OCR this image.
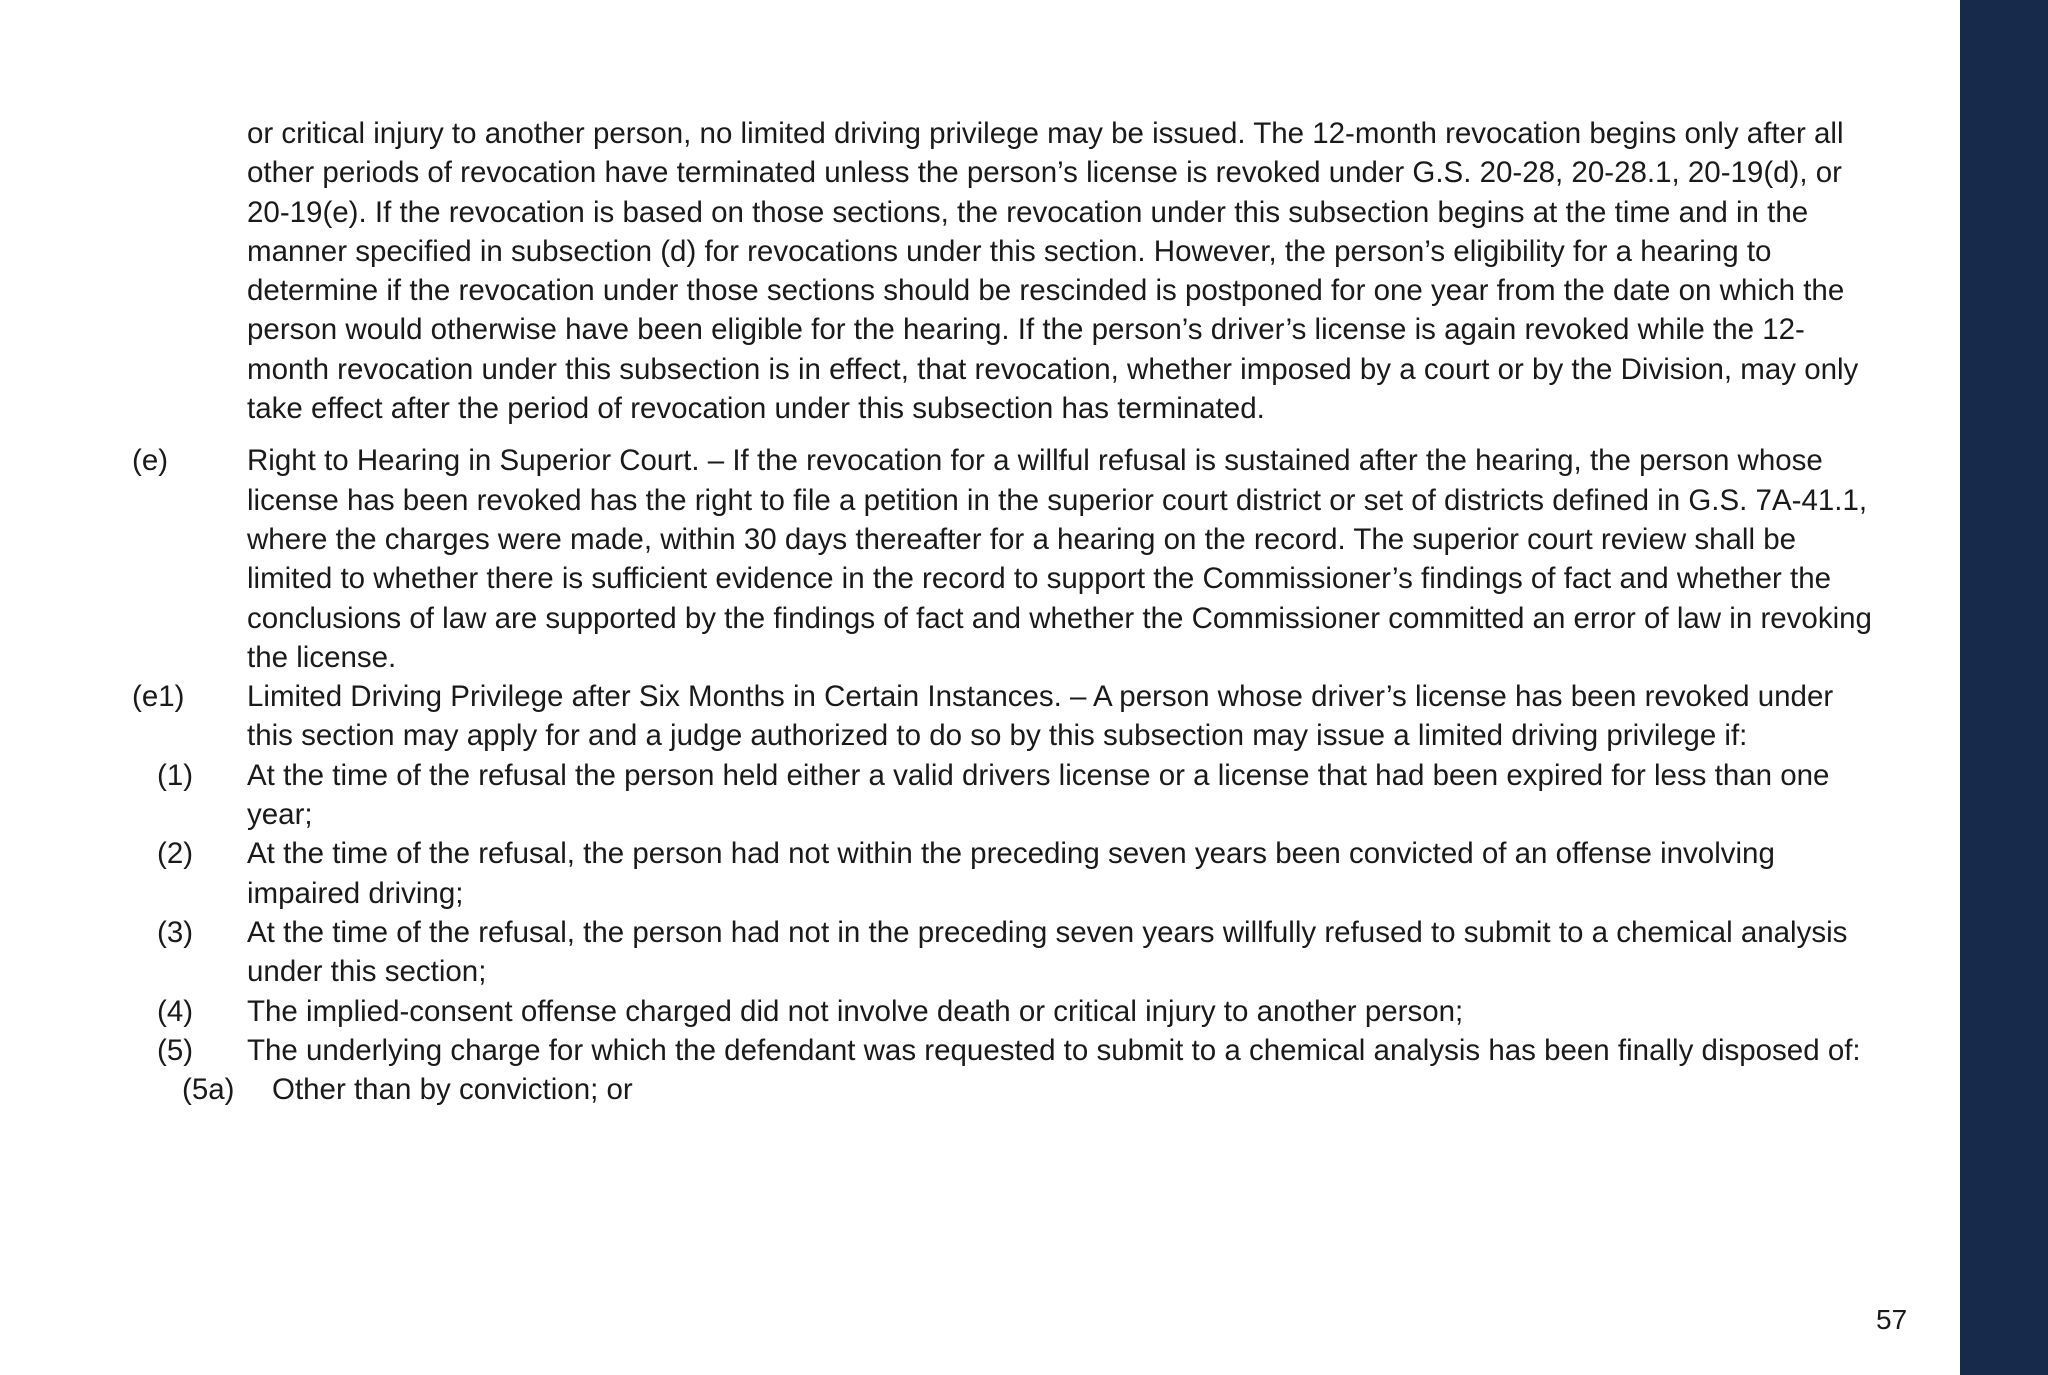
or critical injury to another person, no limited driving privilege may be issued. The 12-month revocation begins only after all other periods of revocation have terminated unless the person’s license is revoked under G.S. 20-28, 20-28.1, 20-19(d), or 20-19(e). If the revocation is based on those sections, the revocation under this subsection begins at the time and in the manner specified in subsection (d) for revocations under this section. However, the person’s eligibility for a hearing to determine if the revocation under those sections should be rescinded is postponed for one year from the date on which the person would otherwise have been eligible for the hearing. If the person’s driver’s license is again revoked while the 12-month revocation under this subsection is in effect, that revocation, whether imposed by a court or by the Division, may only take effect after the period of revocation under this subsection has terminated.
(e)	Right to Hearing in Superior Court. – If the revocation for a willful refusal is sustained after the hearing, the person whose license has been revoked has the right to file a petition in the superior court district or set of districts defined in G.S. 7A-41.1, where the charges were made, within 30 days thereafter for a hearing on the record. The superior court review shall be limited to whether there is sufficient evidence in the record to support the Commissioner’s findings of fact and whether the conclusions of law are supported by the findings of fact and whether the Commissioner committed an error of law in revoking the license.
(e1)	Limited Driving Privilege after Six Months in Certain Instances. – A person whose driver’s license has been revoked under this section may apply for and a judge authorized to do so by this subsection may issue a limited driving privilege if:
(1)	At the time of the refusal the person held either a valid drivers license or a license that had been expired for less than one year;
(2)	At the time of the refusal, the person had not within the preceding seven years been convicted of an offense involving impaired driving;
(3)	At the time of the refusal, the person had not in the preceding seven years willfully refused to submit to a chemical analysis under this section;
(4)	The implied-consent offense charged did not involve death or critical injury to another person;
(5)	The underlying charge for which the defendant was requested to submit to a chemical analysis has been finally disposed of:
(5a)	Other than by conviction; or
57
